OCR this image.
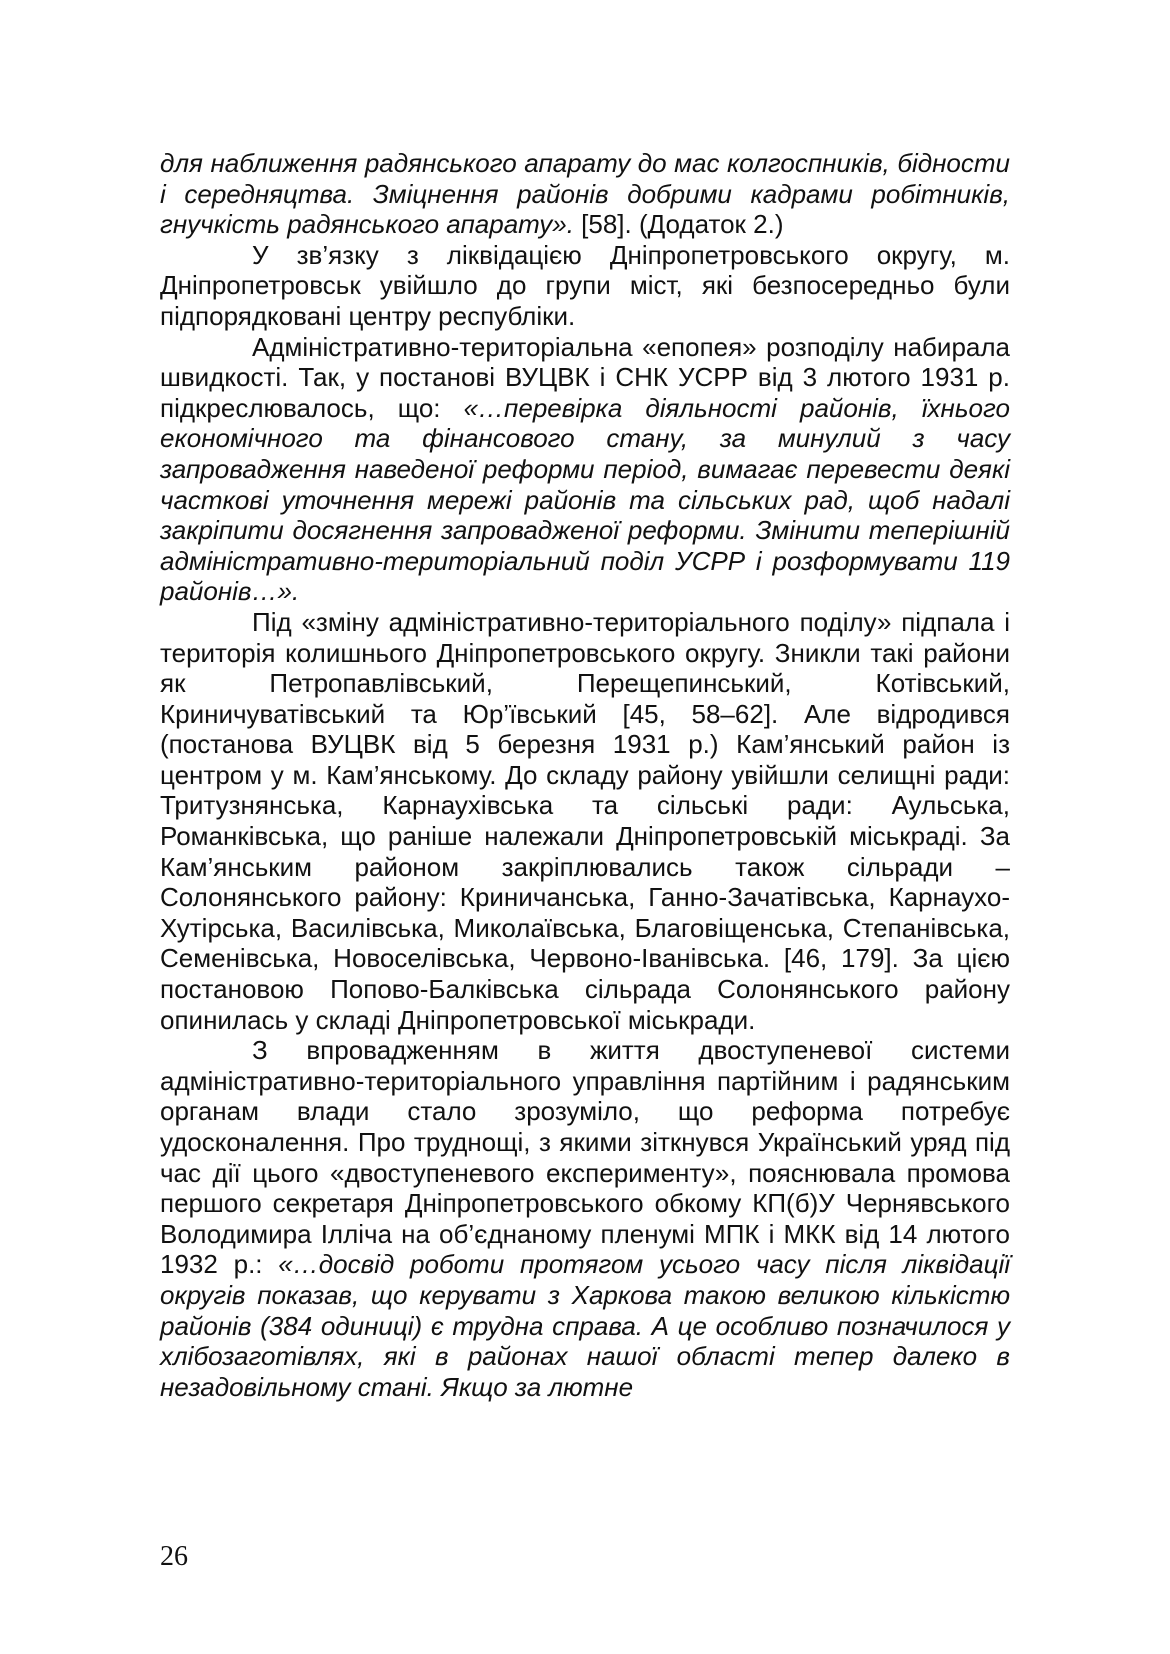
для наближення радянського апарату до мас колгоспників, бідности і середняцтва. Зміцнення районів добрими кадрами робітників, гнучкість радянського апарату». [58]. (Додаток 2.)

У зв’язку з ліквідацією Дніпропетровського округу, м. Дніпропетровськ увійшло до групи міст, які безпосередньо були підпорядковані центру республіки.

Адміністративно-територіальна «епопея» розподілу набирала швидкості. Так, у постанові ВУЦВК і СНК УСРР від 3 лютого 1931 р. підкреслювалось, що: «…перевірка діяльності районів, їхнього економічного та фінансового стану, за минулий з часу запровадження наведеної реформи період, вимагає перевести деякі часткові уточнення мережі районів та сільських рад, щоб надалі закріпити досягнення запровадженої реформи. Змінити теперішній адміністративно-територіальний поділ УСРР і розформувати 119 районів…».

Під «зміну адміністративно-територіального поділу» підпала і територія колишнього Дніпропетровського округу. Зникли такі райони як Петропавлівський, Перещепинський, Котівський, Криничуватівський та Юр’ївський [45, 58–62]. Але відродився (постанова ВУЦВК від 5 березня 1931 р.) Кам’янський район із центром у м. Кам’янському. До складу району увійшли селищні ради: Тритузнянська, Карнаухівська та сільські ради: Аульська, Романківська, що раніше належали Дніпропетровській міськраді. За Кам’янським районом закріплювались також сільради – Солонянського району: Криничанська, Ганно-Зачатівська, Карнаухо-Хутірська, Василівська, Миколаївська, Благовіщенська, Степанівська, Семенівська, Новоселівська, Червоно-Іванівська. [46, 179]. За цією постановою Попово-Балківська сільрада Солонянського району опинилась у складі Дніпропетровської міськради.

З впровадженням в життя двоступеневої системи адміністративно-територіального управління партійним і радянським органам влади стало зрозуміло, що реформа потребує удосконалення. Про труднощі, з якими зіткнувся Український уряд під час дії цього «двоступеневого експерименту», пояснювала промова першого секретаря Дніпропетровського обкому КП(б)У Чернявського Володимира Ілліча на об’єднаному пленумі МПК і МКК від 14 лютого 1932 р.: «…досвід роботи протягом усього часу після ліквідації округів показав, що керувати з Харкова такою великою кількістю районів (384 одиниці) є трудна справа. А це особливо позначилося у хлібозаготівлях, які в районах нашої області тепер далеко в незадовільному стані. Якщо за лютне

26
